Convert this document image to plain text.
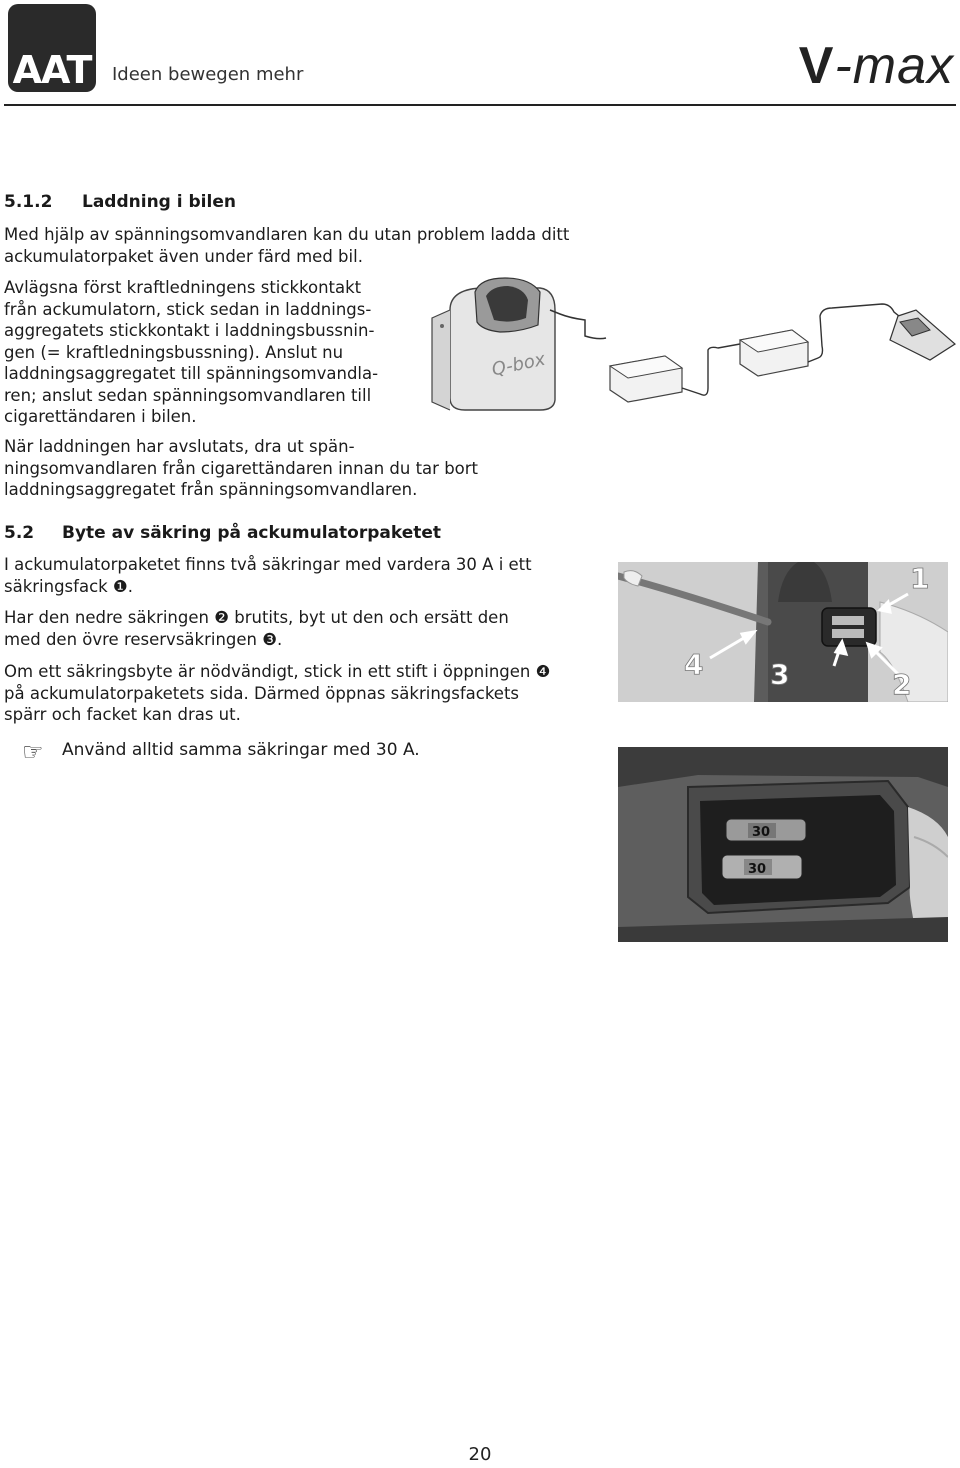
AAT Ideen bewegen mehr	V-max
5.1.2 Laddning i bilen

Med hjälp av spänningsomvandlaren kan du utan problem ladda ditt

ackumulatorpaket även under färd med bil.

Avlägsna först kraftledningens stickkontakt

från ackumulatorn, stick sedan in laddnings-

aggregatets stickkontakt i laddningsbussnin-

gen (= kraftledningsbussning). Anslut nu

laddningsaggregatet till spänningsomvandla-

ren; anslut sedan spänningsomvandlaren till

cigarettändaren i bilen.

När laddningen har avslutats, dra ut spän-

ningsomvandlaren från cigarettändaren innan du tar bort

laddningsaggregatet från spänningsomvandlaren.

Q-box
5.2 Byte av säkring på ackumulatorpaketet

I ackumulatorpaketet finns två säkringar med vardera 30 A i ett

säkringsfack ❶.

Har den nedre säkringen ❷ brutits, byt ut den och ersätt den

med den övre reservsäkringen ❸.

Om ett säkringsbyte är nödvändigt, stick in ett stift i öppningen ❹

på ackumulatorpaketets sida. Därmed öppnas säkringsfackets

spärr och facket kan dras ut.

☞ Använd alltid samma säkringar med 30 A.

1
2
3
4
30
30
20
